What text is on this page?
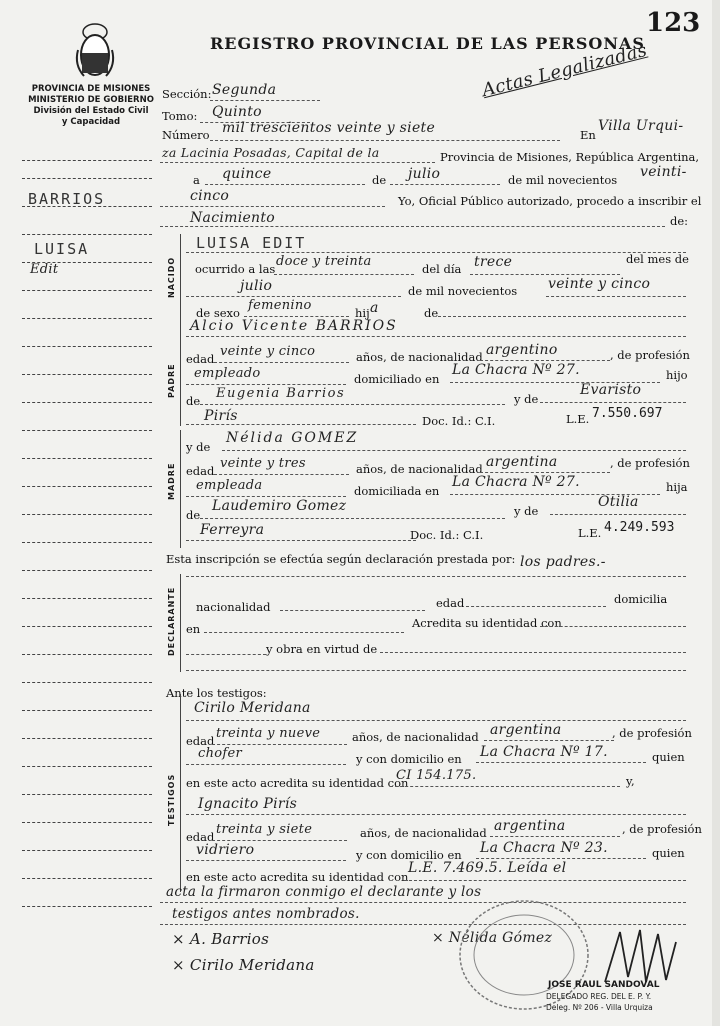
PROVINCIA DE MISIONES
MINISTERIO DE GOBIERNO
División del Estado Civil
y Capacidad
REGISTRO PROVINCIAL DE LAS PERSONAS
123
Actas Legalizadas
BARRIOS
LUISA
Edit
Sección: Segunda
Tomo: Quinto
Número mil trescientos veinte y siete	En
Villa Urqui-
za Lacinia Posadas, Capital de la	Provincia de Misiones, República Argentina,
a quince	de julio	de mil novecientos veinti-
cinco	Yo, Oficial Público autorizado, procedo a inscribir el
Nacimiento	de:
NACIDO
LUISA EDIT
ocurrido a las doce y treinta	del día trece	del mes de
julio	de mil novecientos veinte y cinco
de sexo femenino	hij a	de
PADRE
Alcio Vicente BARRIOS
edad veinte y cinco	años, de nacionalidad argentino	, de profesión
empleado	domiciliado en
La Chacra Nº 27.	hijo
de Eugenia Barrios	y de
Evaristo
Pirís	Doc. Id.: C.I.	L.E. 7.550.697
MADRE
y de
Nélida GOMEZ
edad veinte y tres	años, de nacionalidad argentina	, de profesión
empleada	domiciliada en
La Chacra Nº 27.	hija
de
Laudemiro Gomez	y de
Otilia
Ferreyra	Doc. Id.: C.I.	L.E. 4.249.593
Esta inscripción se efectúa según declaración prestada por: los padres.-
DECLARANTE nacionalidad	edad	domicilia
en	Acredita su identidad con
y obra en virtud de
Ante los testigos:
TESTIGOS
Cirilo Meridana
edad treinta y nueve	años, de nacionalidad argentina	, de profesión
chofer	y con domicilio en La Chacra Nº 17.	quien
en este acto acredita su identidad con
CI 154.175.	y,
Ignacito Pirís
edad treinta y siete	años, de nacionalidad argentina	, de profesión
vidriero	y con domicilio en La Chacra Nº 23.	quien
en este acto acredita su identidad con
L.E. 7.469.5. Leída el
acta la firmaron conmigo el declarante y los
testigos antes nombrados.
× A. Barrios	× Nélida Gómez
× Cirilo Meridana
JOSE RAUL SANDOVAL
DELEGADO REG. DEL E. P. Y.
Deleg. Nº 206 - Villa Urquiza
